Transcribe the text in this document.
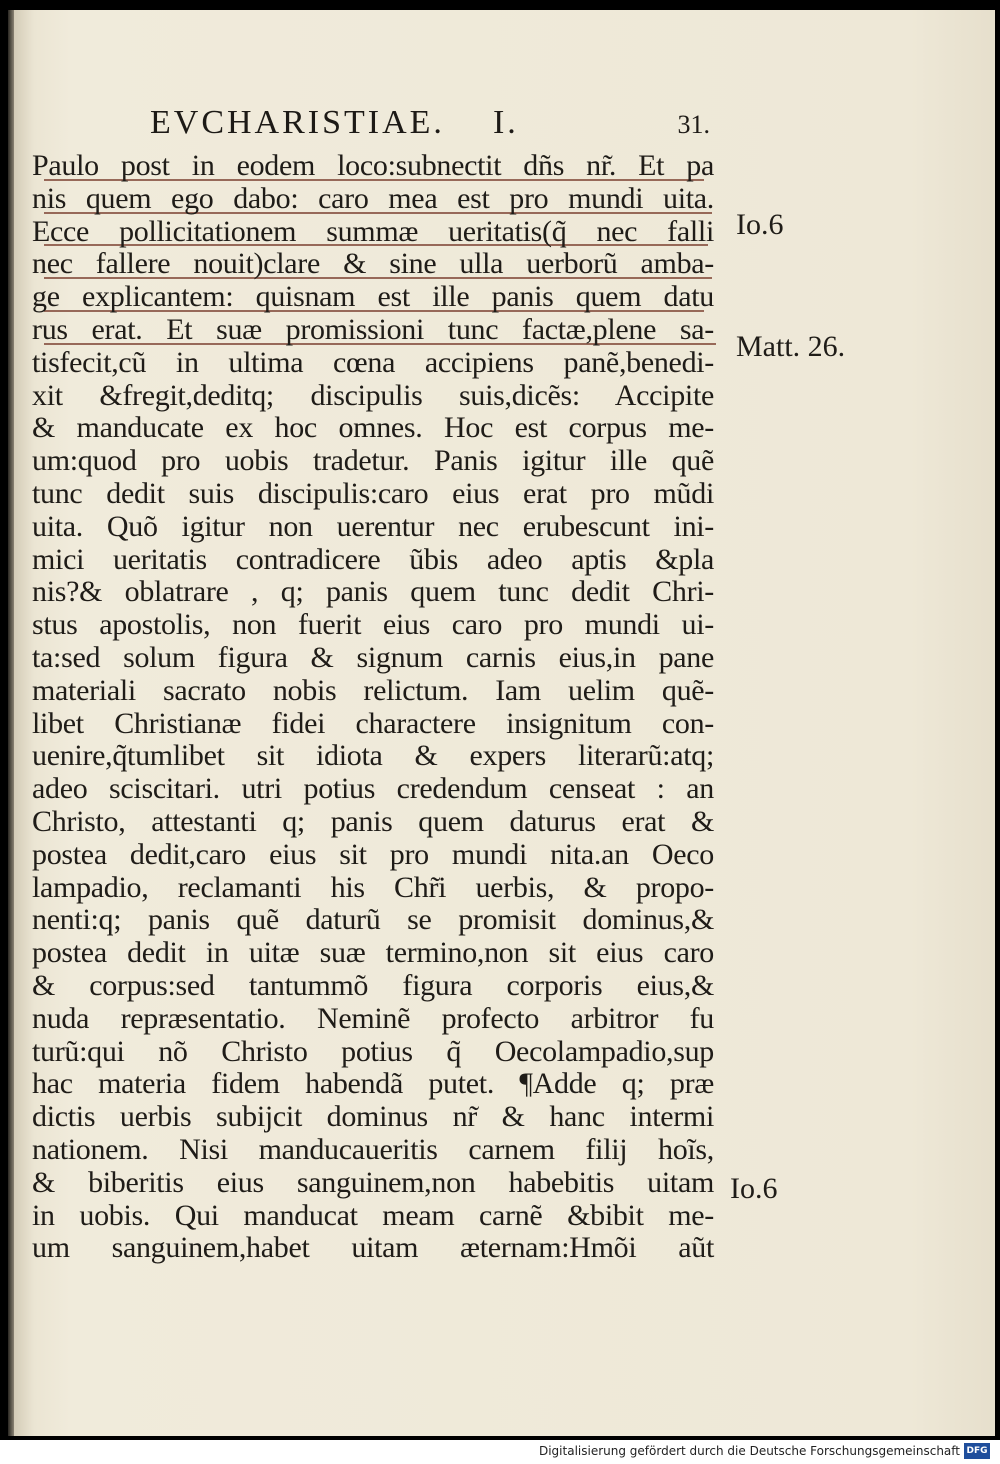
EVCHARISTIAE. I.	31.
Paulo post in eodem loco:subnectit dñs nr̃. Et pa
nis quem ego dabo: caro mea est pro mundi uita.
Ecce pollicitationem summæ ueritatis(q̃ nec falli
nec fallere nouit)clare & sine ulla uerborũ amba-
ge explicantem: quisnam est ille panis quem datu
rus erat. Et suæ promissioni tunc factæ,plene sa-
tisfecit,cũ in ultima cœna accipiens panẽ,benedi-
xit &fregit,deditq; discipulis suis,dicẽs: Accipite
& manducate ex hoc omnes. Hoc est corpus me-
um:quod pro uobis tradetur. Panis igitur ille quẽ
tunc dedit suis discipulis:caro eius erat pro mũdi
uita. Quõ igitur non uerentur nec erubescunt ini-
mici ueritatis contradicere ũbis adeo aptis &pla
nis?& oblatrare , q; panis quem tunc dedit Chri-
stus apostolis, non fuerit eius caro pro mundi ui-
ta:sed solum figura & signum carnis eius,in pane
materiali sacrato nobis relictum. Iam uelim quẽ-
libet Christianæ fidei charactere insignitum con-
uenire,q̃tumlibet sit idiota & expers literarũ:atq;
adeo sciscitari. utri potius credendum censeat : an
Christo, attestanti q; panis quem daturus erat &
postea dedit,caro eius sit pro mundi nita.an Oeco
lampadio, reclamanti his Chr̃i uerbis, & propo-
nenti:q; panis quẽ daturũ se promisit dominus,&
postea dedit in uitæ suæ termino,non sit eius caro
& corpus:sed tantummõ figura corporis eius,&
nuda repræsentatio. Neminẽ profecto arbitror fu
turũ:qui nõ Christo potius q̃ Oecolampadio,sup
hac materia fidem habendã putet. ¶Adde q; præ
dictis uerbis subijcit dominus nr̃ & hanc intermi
nationem. Nisi manducaueritis carnem filij hoĩs,
& biberitis eius sanguinem,non habebitis uitam
in uobis. Qui manducat meam carnẽ &bibit me-
um sanguinem,habet uitam æternam:Hmõi aũt
Io.6
Matt. 26.
Io.6
Digitalisierung gefördert durch die Deutsche Forschungsgemeinschaft DFG
